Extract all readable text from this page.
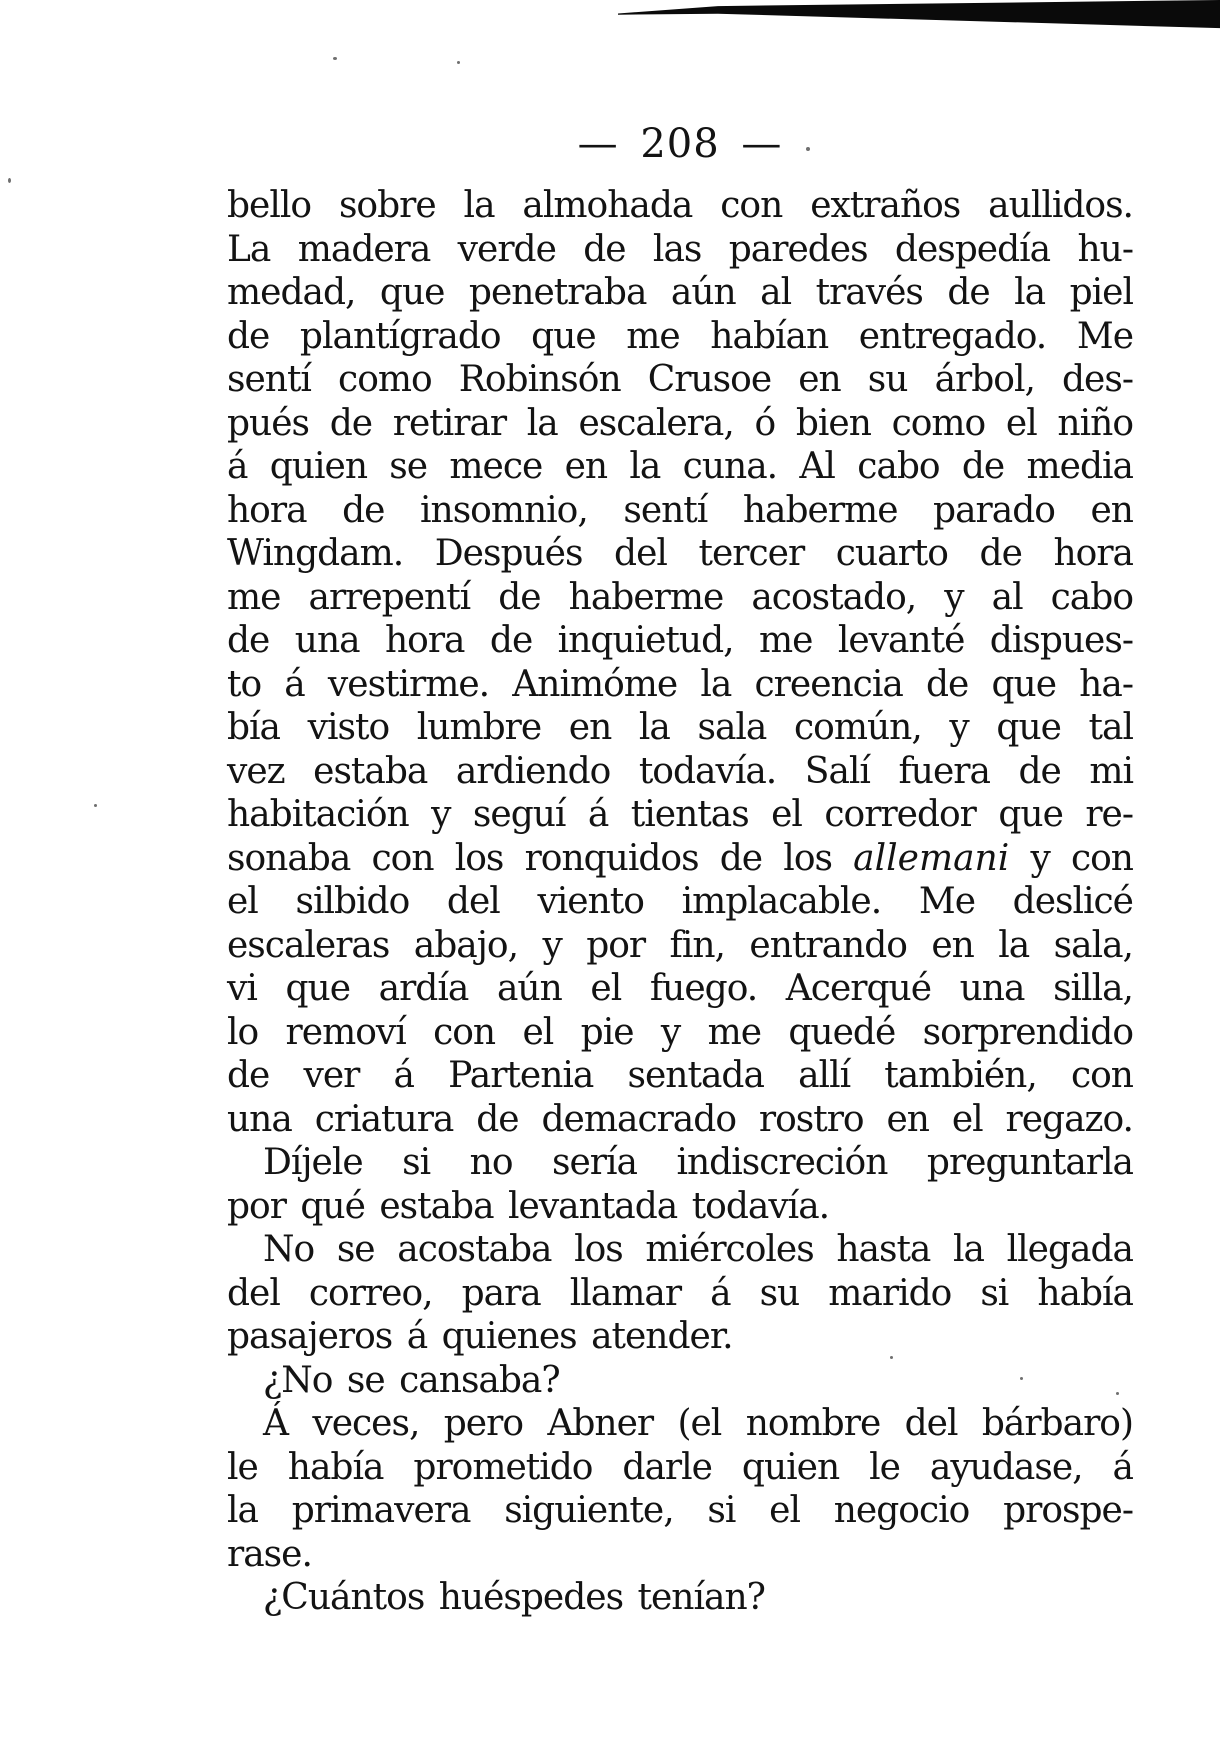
— 208 —
bello sobre la almohada con extraños aullidos.
La madera verde de las paredes despedía hu-
medad, que penetraba aún al través de la piel
de plantígrado que me habían entregado. Me
sentí como Robinsón Crusoe en su árbol, des-
pués de retirar la escalera, ó bien como el niño
á quien se mece en la cuna. Al cabo de media
hora de insomnio, sentí haberme parado en
Wingdam. Después del tercer cuarto de hora
me arrepentí de haberme acostado, y al cabo
de una hora de inquietud, me levanté dispues-
to á vestirme. Animóme la creencia de que ha-
bía visto lumbre en la sala común, y que tal
vez estaba ardiendo todavía. Salí fuera de mi
habitación y seguí á tientas el corredor que re-
sonaba con los ronquidos de los allemani y con
el silbido del viento implacable. Me deslicé
escaleras abajo, y por fin, entrando en la sala,
vi que ardía aún el fuego. Acerqué una silla,
lo removí con el pie y me quedé sorprendido
de ver á Partenia sentada allí también, con
una criatura de demacrado rostro en el regazo.
Díjele si no sería indiscreción preguntarla
por qué estaba levantada todavía.
No se acostaba los miércoles hasta la llegada
del correo, para llamar á su marido si había
pasajeros á quienes atender.
¿No se cansaba?
Á veces, pero Abner (el nombre del bárbaro)
le había prometido darle quien le ayudase, á
la primavera siguiente, si el negocio prospe-
rase.
¿Cuántos huéspedes tenían?
